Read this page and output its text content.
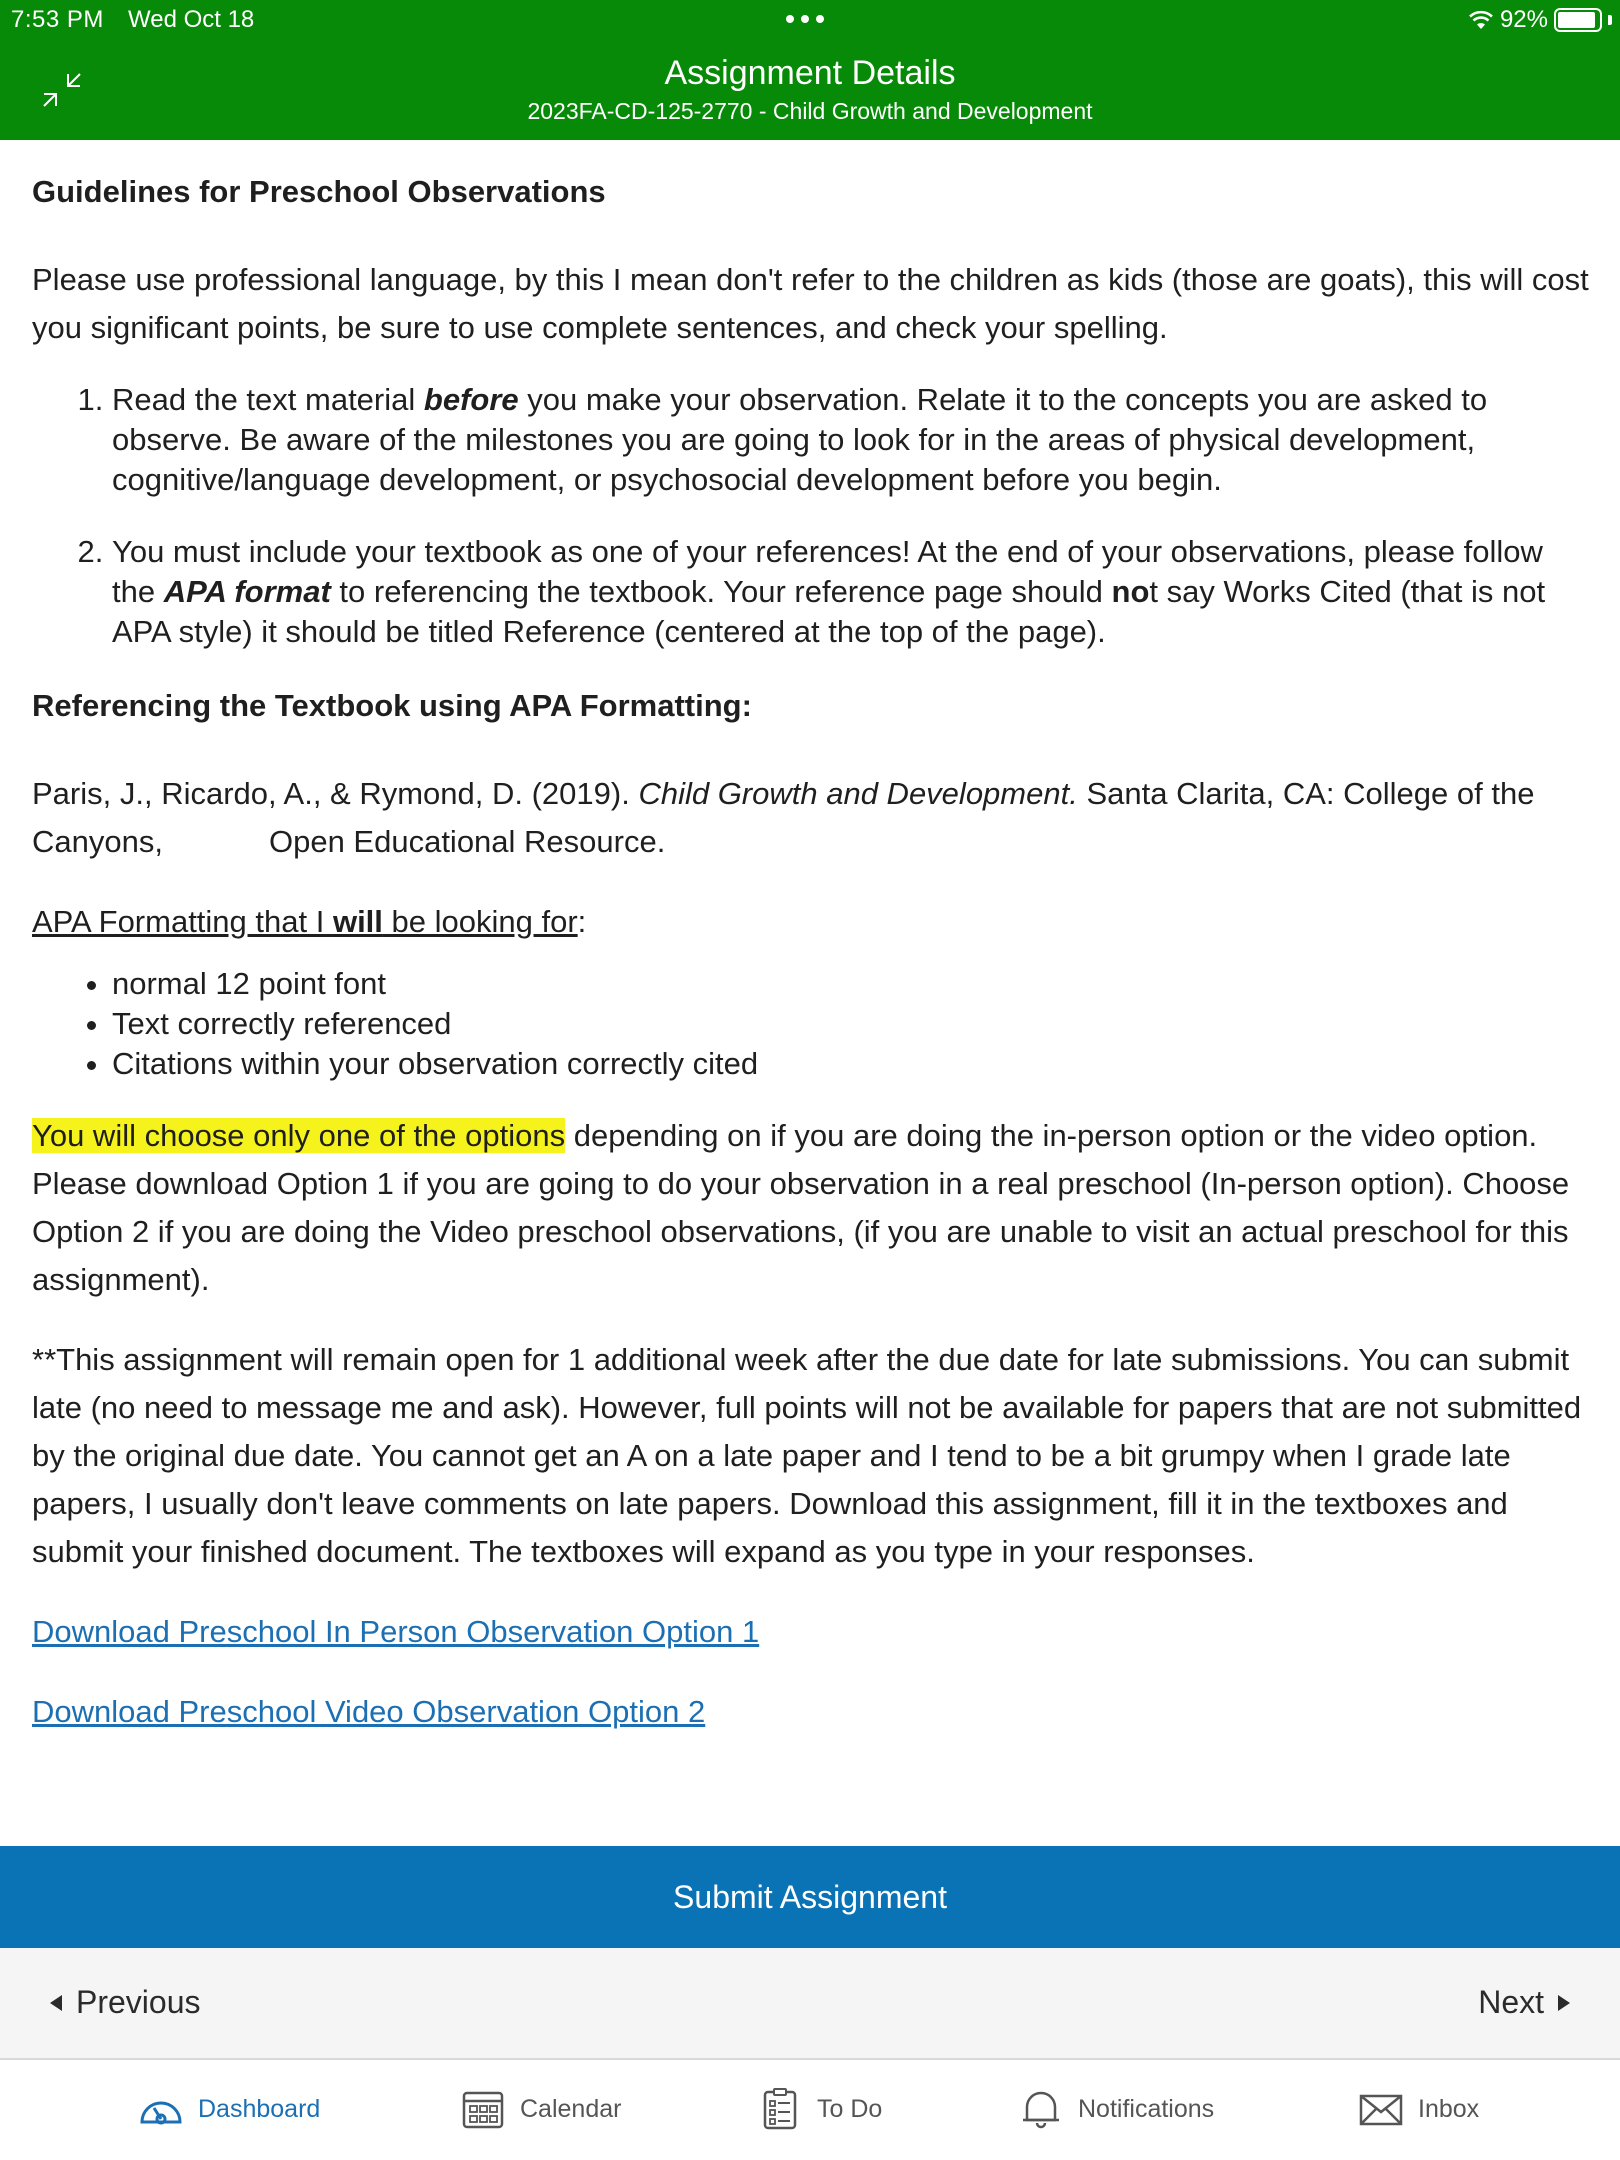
7:53 PM Wed Oct 18	92%
Assignment Details
2023FA-CD-125-2770 - Child Growth and Development
Guidelines for Preschool Observations

Please use professional language, by this I mean don't refer to the children as kids (those are goats), this will cost you significant points, be sure to use complete sentences, and check your spelling.

1. Read the text material before you make your observation. Relate it to the concepts you are asked to observe. Be aware of the milestones you are going to look for in the areas of physical development, cognitive/language development, or psychosocial development before you begin.
2. You must include your textbook as one of your references! At the end of your observations, please follow the APA format to referencing the textbook. Your reference page should not say Works Cited (that is not APA style) it should be titled Reference (centered at the top of the page).
Referencing the Textbook using APA Formatting:

Paris, J., Ricardo, A., & Rymond, D. (2019). Child Growth and Development. Santa Clarita, CA: College of the Canyons,	Open Educational Resource.

APA Formatting that I will be looking for:

• normal 12 point font
• Text correctly referenced
• Citations within your observation correctly cited

You will choose only one of the options depending on if you are doing the in-person option or the video option. Please download Option 1 if you are going to do your observation in a real preschool (In-person option). Choose Option 2 if you are doing the Video preschool observations, (if you are unable to visit an actual preschool for this assignment).

**This assignment will remain open for 1 additional week after the due date for late submissions. You can submit late (no need to message me and ask). However, full points will not be available for papers that are not submitted by the original due date. You cannot get an A on a late paper and I tend to be a bit grumpy when I grade late papers, I usually don't leave comments on late papers. Download this assignment, fill it in the textboxes and submit your finished document. The textboxes will expand as you type in your responses.

Download Preschool In Person Observation Option 1

Download Preschool Video Observation Option 2

Submit Assignment
Previous	Next
Dashboard	Calendar	To Do	Notifications	Inbox
